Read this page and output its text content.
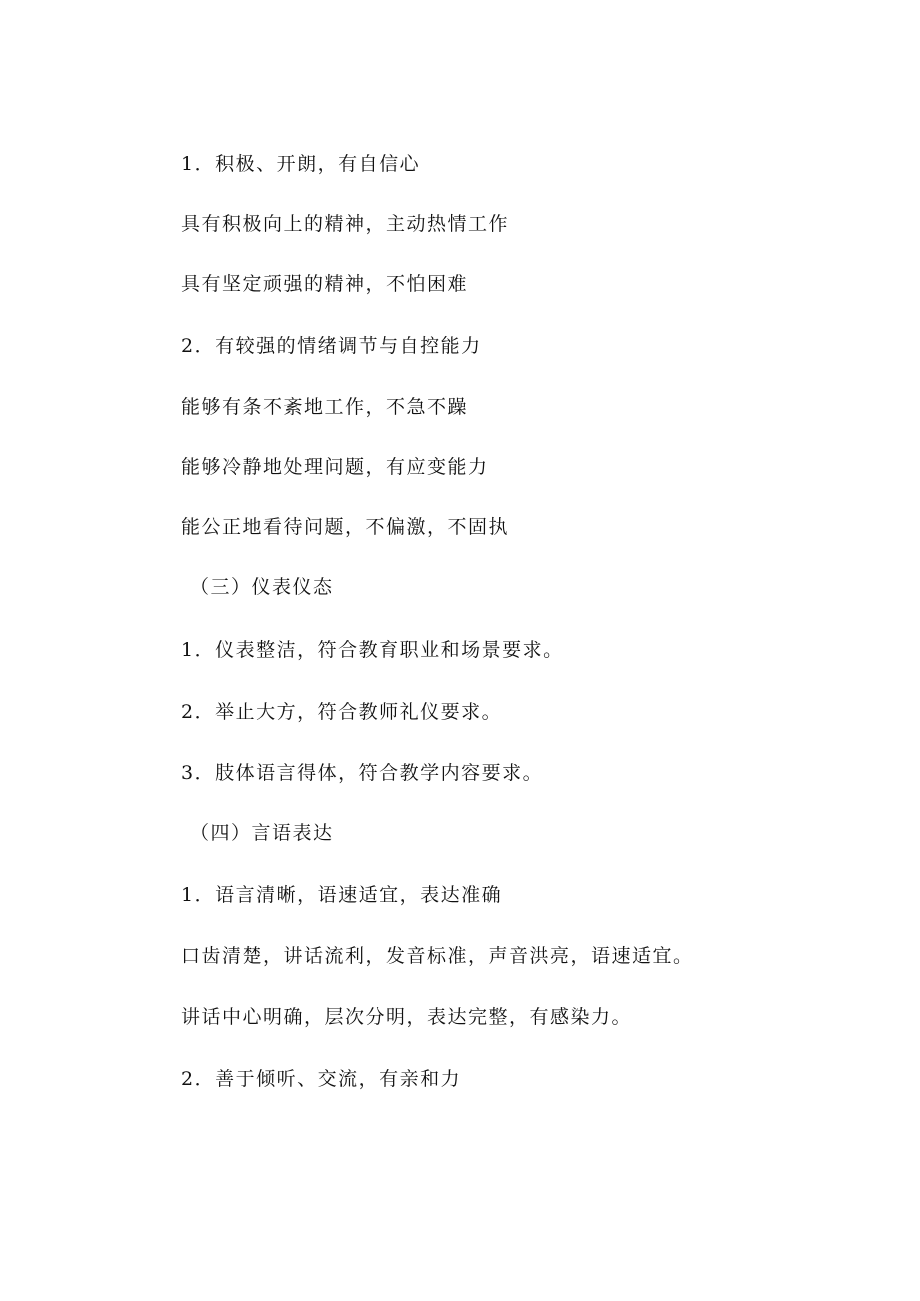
1．积极、开朗，有自信心
具有积极向上的精神，主动热情工作
具有坚定顽强的精神，不怕困难
2．有较强的情绪调节与自控能力
能够有条不紊地工作，不急不躁
能够冷静地处理问题，有应变能力
能公正地看待问题，不偏激，不固执
（三）仪表仪态
1．仪表整洁，符合教育职业和场景要求。
2．举止大方，符合教师礼仪要求。
3．肢体语言得体，符合教学内容要求。
（四）言语表达
1．语言清晰，语速适宜，表达准确
口齿清楚，讲话流利，发音标准，声音洪亮，语速适宜。
讲话中心明确，层次分明，表达完整，有感染力。
2．善于倾听、交流，有亲和力
